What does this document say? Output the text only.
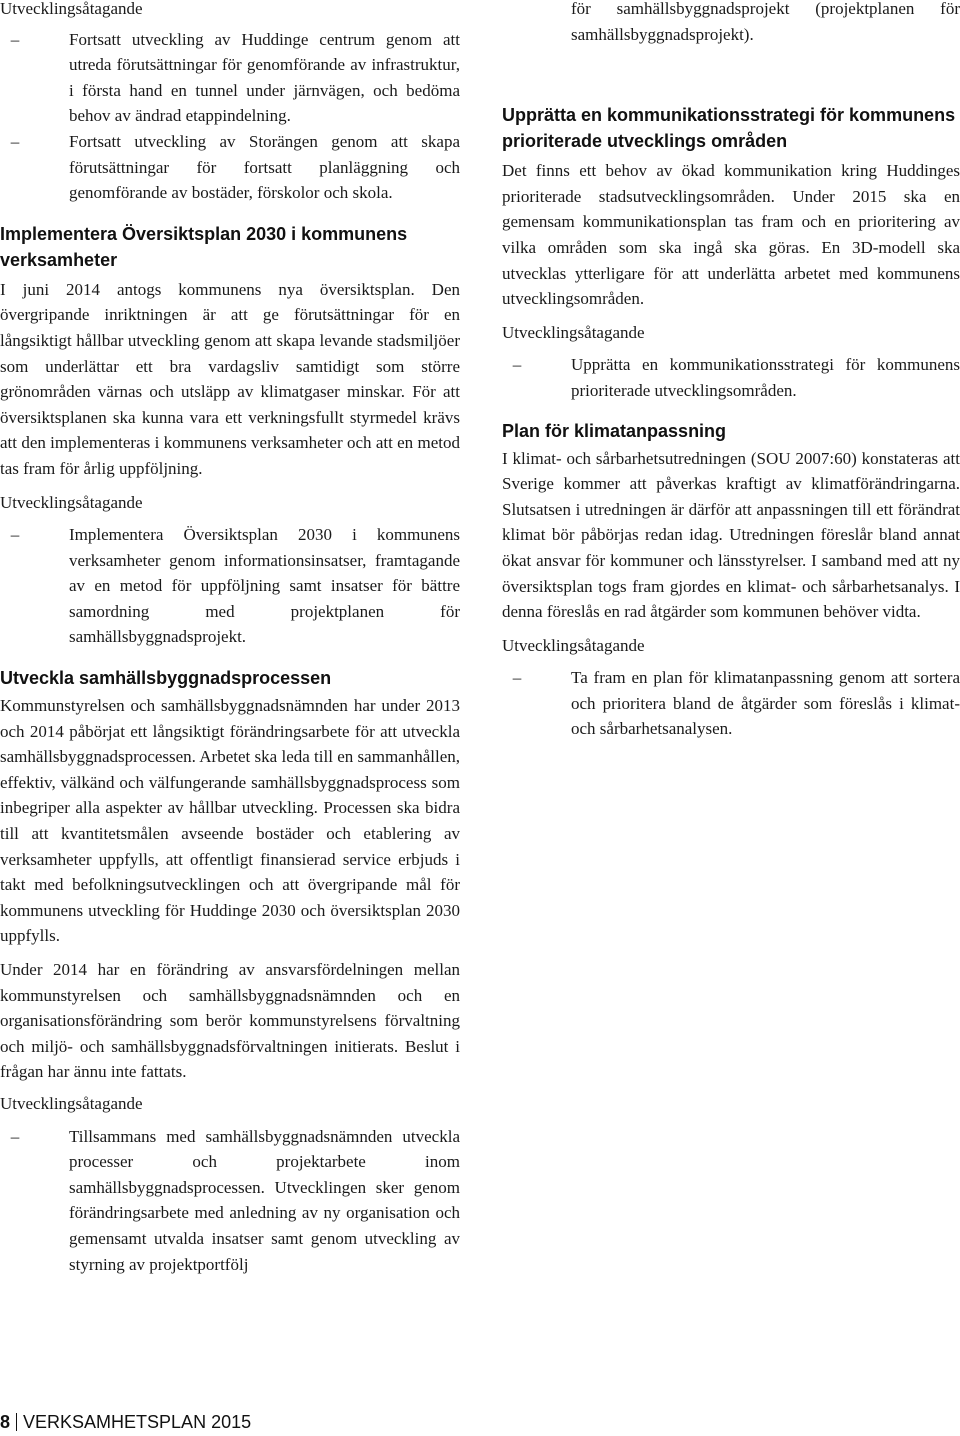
Utvecklingsåtagande
–	Fortsatt utveckling av Huddinge centrum genom att utreda förutsättningar för genomförande av infrastruktur, i första hand en tunnel under järnvägen, och bedöma behov av ändrad etappindelning.
–	Fortsatt utveckling av Storängen genom att skapa förutsättningar för fortsatt planläggning och genomförande av bostäder, förskolor och skola.
Implementera Översiktsplan 2030 i kommunens verksamheter

I juni 2014 antogs kommunens nya översiktsplan. Den övergripande inriktningen är att ge förutsättningar för en långsiktigt hållbar utveckling genom att skapa levande stadsmiljöer som underlättar ett bra vardagsliv samtidigt som större grönområden värnas och utsläpp av klimatgaser minskar. För att översiktsplanen ska kunna vara ett verkningsfullt styrmedel krävs att den implementeras i kommunens verksamheter och att en metod tas fram för årlig uppföljning.

Utvecklingsåtagande
–	Implementera Översiktsplan 2030 i kommunens verksamheter genom informationsinsatser, framtagande av en metod för uppföljning samt insatser för bättre samordning med projektplanen för samhällsbyggnadsprojekt.
Utveckla samhällsbyggnadsprocessen

Kommunstyrelsen och samhällsbyggnadsnämnden har under 2013 och 2014 påbörjat ett långsiktigt förändringsarbete för att utveckla samhällsbyggnadsprocessen. Arbetet ska leda till en sammanhållen, effektiv, välkänd och välfungerande samhällsbyggnadsprocess som inbegriper alla aspekter av hållbar utveckling. Processen ska bidra till att kvantitetsmålen avseende bostäder och etablering av verksamheter uppfylls, att offentligt finansierad service erbjuds i takt med befolkningsutvecklingen och att övergripande mål för kommunens utveckling för Huddinge 2030 och översiktsplan 2030 uppfylls.

Under 2014 har en förändring av ansvarsfördelningen mellan kommunstyrelsen och samhällsbyggnadsnämnden och en organisationsförändring som berör kommunstyrelsens förvaltning och miljö- och samhällsbyggnadsförvaltningen initierats. Beslut i frågan har ännu inte fattats.

Utvecklingsåtagande
–	Tillsammans med samhällsbyggnadsnämnden utveckla processer och projektarbete inom samhällsbyggnadsprocessen. Utvecklingen sker genom förändringsarbete med anledning av ny organisation och gemensamt utvalda insatser samt genom utveckling av styrning av projektportfölj

för samhällsbyggnadsprojekt (projektplanen för samhällsbyggnadsprojekt).

Upprätta en kommunikationsstrategi för kommunens prioriterade utvecklings områden

Det finns ett behov av ökad kommunikation kring Huddinges prioriterade stadsutvecklingsområden. Under 2015 ska en gemensam kommunikationsplan tas fram och en prioritering av vilka områden som ska ingå ska göras. En 3D-modell ska utvecklas ytterligare för att underlätta arbetet med kommunens utvecklingsområden.

Utvecklingsåtagande
–	Upprätta en kommunikationsstrategi för kommunens prioriterade utvecklingsområden.
Plan för klimatanpassning

I klimat- och sårbarhetsutredningen (SOU 2007:60) konstateras att Sverige kommer att påverkas kraftigt av klimatförändringarna. Slutsatsen i utredningen är därför att anpassningen till ett förändrat klimat bör påbörjas redan idag. Utredningen föreslår bland annat ökat ansvar för kommuner och länsstyrelser. I samband med att ny översiktsplan togs fram gjordes en klimat- och sårbarhetsanalys. I denna föreslås en rad åtgärder som kommunen behöver vidta.

Utvecklingsåtagande
–	Ta fram en plan för klimatanpassning genom att sortera och prioritera bland de åtgärder som föreslås i klimat- och sårbarhetsanalysen.
8 VERKSAMHETSPLAN 2015
